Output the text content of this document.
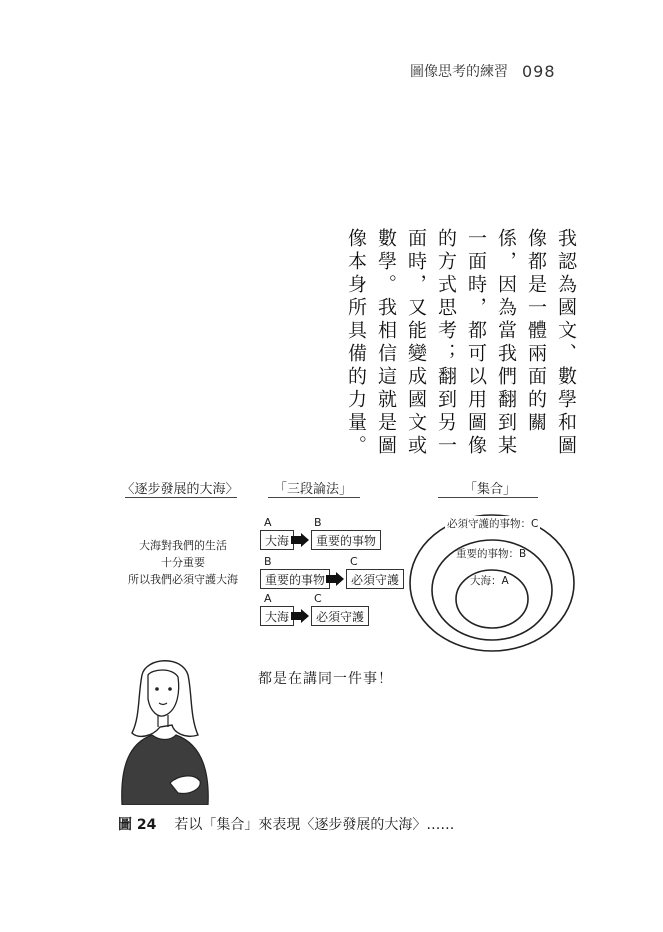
圖像思考的練習 098
我認為國文、數學和圖像都是一體兩面的關係，因為當我們翻到某一面時，都可以用圖像的方式思考；翻到另一面時，又能變成國文或數學。我相信這就是圖像本身所具備的力量。
〈逐步發展的大海〉	「三段論法」	「集合」
大海對我們的生活
十分重要
所以我們必須守護大海
A	B
大海	重要的事物
B	C
重要的事物	必須守護
A	C
大海	必須守護
必須守護的事物：C
重要的事物：B
大海：A
都是在講同一件事！
圖 24 若以「集合」來表現〈逐步發展的大海〉……
